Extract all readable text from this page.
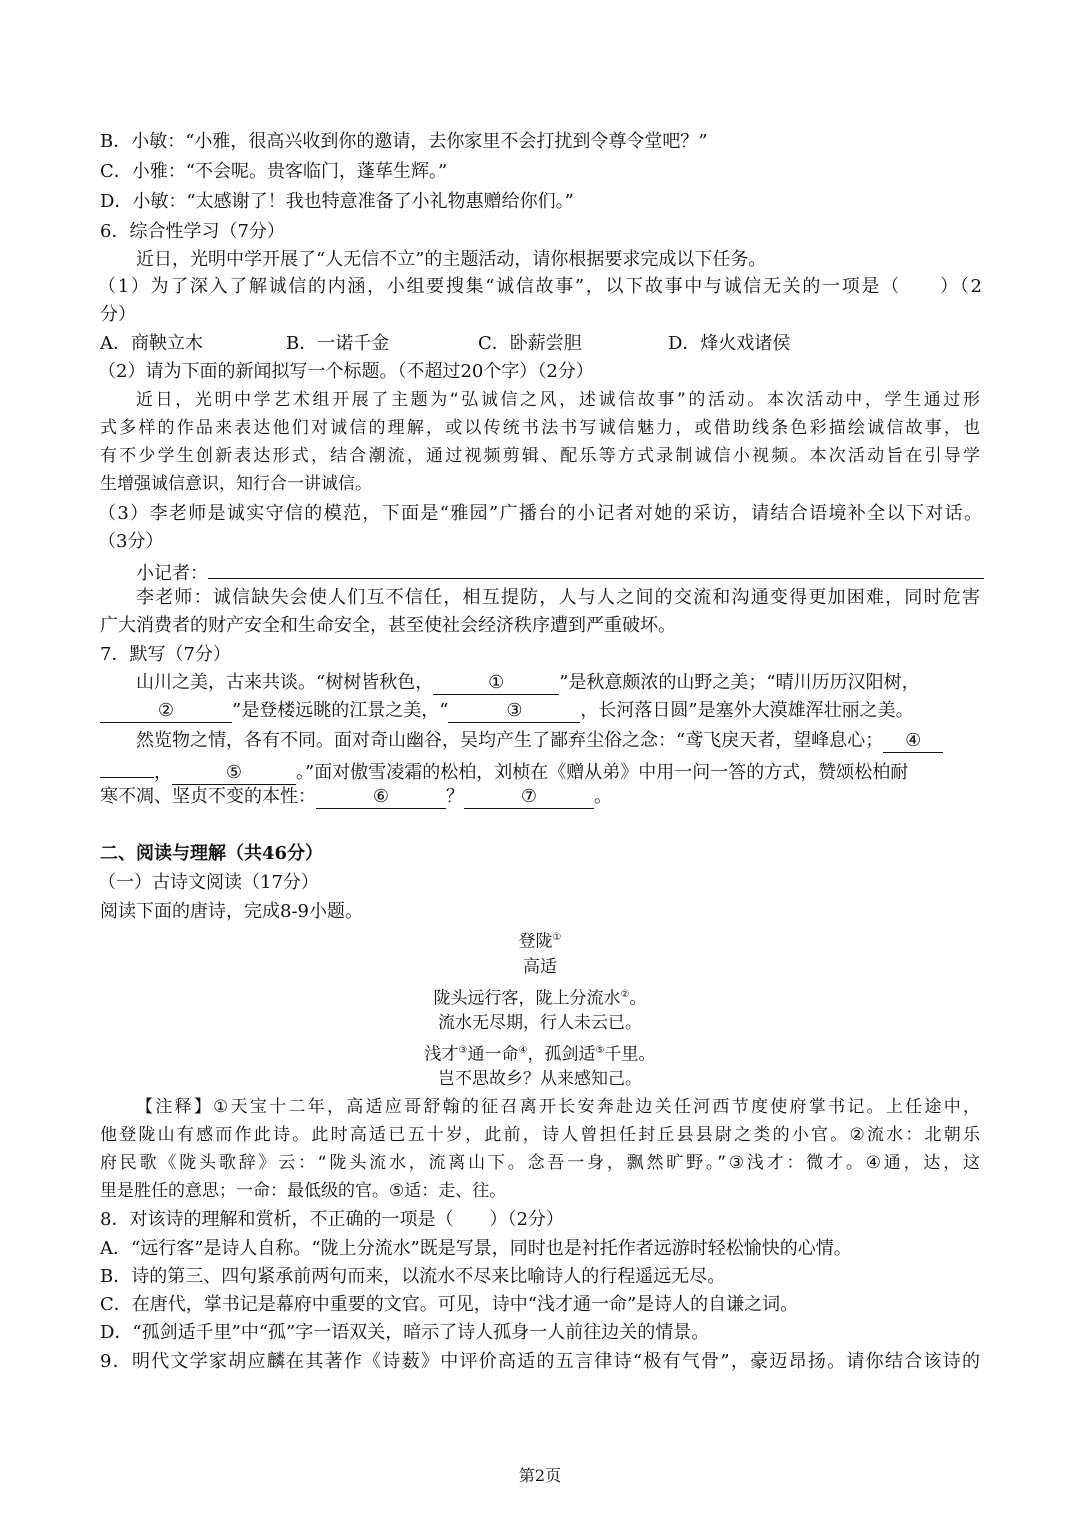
B．小敏：“小雅，很高兴收到你的邀请，去你家里不会打扰到令尊令堂吧？”
C．小雅：“不会呢。贵客临门，蓬荜生辉。”
D．小敏：“太感谢了！我也特意准备了小礼物惠赠给你们。”
6．综合性学习（7分）
近日，光明中学开展了“人无信不立”的主题活动，请你根据要求完成以下任务。
（1）为了深入了解诚信的内涵，小组要搜集“诚信故事”，以下故事中与诚信无关的一项是（　　）（2
分）
A．商鞅立木	B．一诺千金	C．卧薪尝胆	D．烽火戏诸侯
（2）请为下面的新闻拟写一个标题。（不超过20个字）（2分）
近日，光明中学艺术组开展了主题为“弘诚信之风，述诚信故事”的活动。本次活动中，学生通过形
式多样的作品来表达他们对诚信的理解，或以传统书法书写诚信魅力，或借助线条色彩描绘诚信故事，也
有不少学生创新表达形式，结合潮流，通过视频剪辑、配乐等方式录制诚信小视频。本次活动旨在引导学
生增强诚信意识，知行合一讲诚信。
（3）李老师是诚实守信的模范，下面是“雅园”广播台的小记者对她的采访，请结合语境补全以下对话。
（3分）
小记者：
李老师：诚信缺失会使人们互不信任，相互提防，人与人之间的交流和沟通变得更加困难，同时危害
广大消费者的财产安全和生命安全，甚至使社会经济秩序遭到严重破坏。
7．默写（7分）
山川之美，古来共谈。“树树皆秋色，	①	”是秋意颇浓的山野之美；“晴川历历汉阳树，
②	”是登楼远眺的江景之美，“	③	，长河落日圆”是塞外大漠雄浑壮丽之美。
然览物之情，各有不同。面对奇山幽谷，吴均产生了鄙弃尘俗之念：“鸢飞戾天者，望峰息心； ④
，	⑤	。”面对傲雪凌霜的松柏，刘桢在《赠从弟》中用一问一答的方式，赞颂松柏耐
寒不凋、坚贞不变的本性：	⑥	？	⑦	。
二、阅读与理解（共46分）
（一）古诗文阅读（17分）
阅读下面的唐诗，完成8-9小题。
登陇①
高适
陇头远行客，陇上分流水②。
流水无尽期，行人未云已。
浅才③通一命④，孤剑适⑤千里。
岂不思故乡？从来感知己。
【注释】①天宝十二年，高适应哥舒翰的征召离开长安奔赴边关任河西节度使府掌书记。上任途中，
他登陇山有感而作此诗。此时高适已五十岁，此前，诗人曾担任封丘县县尉之类的小官。②流水：北朝乐
府民歌《陇头歌辞》云：“陇头流水，流离山下。念吾一身，飘然旷野。”③浅才：微才。④通，达，这
里是胜任的意思；一命：最低级的官。⑤适：走、往。
8．对该诗的理解和赏析，不正确的一项是（　　）（2分）
A．“远行客”是诗人自称。“陇上分流水”既是写景，同时也是衬托作者远游时轻松愉快的心情。
B．诗的第三、四句紧承前两句而来，以流水不尽来比喻诗人的行程遥远无尽。
C．在唐代，掌书记是幕府中重要的文官。可见，诗中“浅才通一命”是诗人的自谦之词。
D．“孤剑适千里”中“孤”字一语双关，暗示了诗人孤身一人前往边关的情景。
9．明代文学家胡应麟在其著作《诗薮》中评价高适的五言律诗“极有气骨”，豪迈昂扬。请你结合该诗的
第2页
